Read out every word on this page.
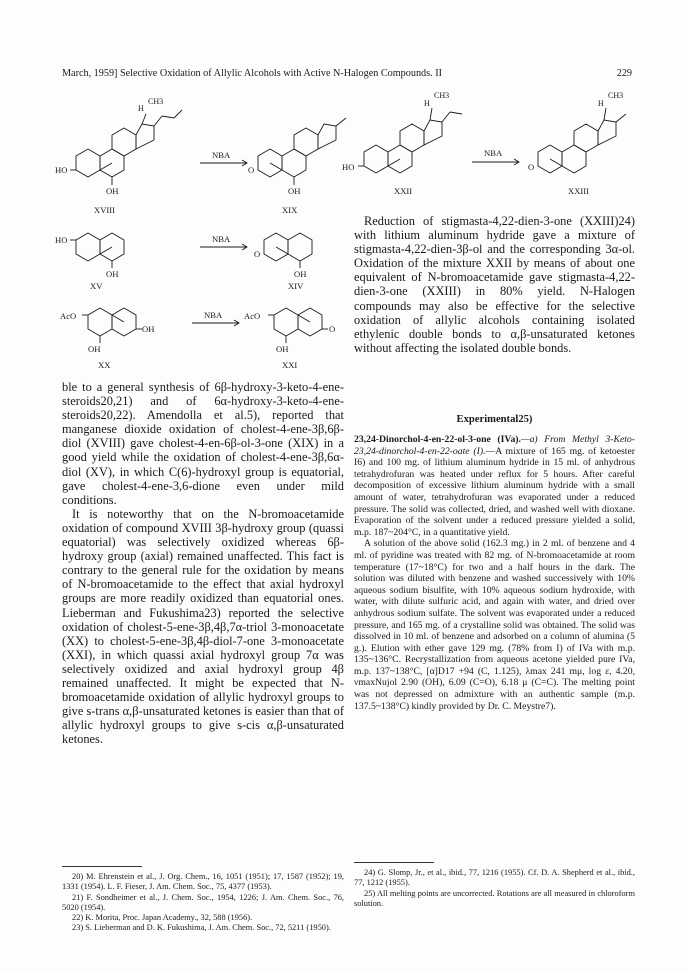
March, 1959] Selective Oxidation of Allylic Alcohols with Active N-Halogen Compounds. II	229
H
CH3
HO
OH
XVIII
NBA
O
OH
XIX
HO
OH
XV
NBA
O
OH
XIV
AcO
OH
OH
XX
NBA	AcO
OH
O
XXI
H
CH3
HO
XXII
NBA
H
CH3
O
XXIII

ble to a general synthesis of 6β-hydroxy-3-keto-4-ene-steroids20,21) and of 6α-hydroxy-3-keto-4-ene-steroids20,22). Amendolla et al.5), reported that manganese dioxide oxidation of cholest-4-ene-3β,6β-diol (XVIII) gave cholest-4-en-6β-ol-3-one (XIX) in a good yield while the oxidation of cholest-4-ene-3β,6α-diol (XV), in which C(6)-hydroxyl group is equatorial, gave cholest-4-ene-3,6-dione even under mild conditions.

It is noteworthy that on the N-bromoacetamide oxidation of compound XVIII 3β-hydroxy group (quassi equatorial) was selectively oxidized whereas 6β-hydroxy group (axial) remained unaffected. This fact is contrary to the general rule for the oxidation by means of N-bromoacetamide to the effect that axial hydroxyl groups are more readily oxidized than equatorial ones. Lieberman and Fukushima23) reported the selective oxidation of cholest-5-ene-3β,4β,7α-triol 3-monoacetate (XX) to cholest-5-ene-3β,4β-diol-7-one 3-monoacetate (XXI), in which quassi axial hydroxyl group 7α was selectively oxidized and axial hydroxyl group 4β remained unaffected. It might be expected that N-bromoacetamide oxidation of allylic hydroxyl groups to give s-trans α,β-unsaturated ketones is easier than that of allylic hydroxyl groups to give s-cis α,β-unsaturated ketones.

20) M. Ehrenstein et al., J. Org. Chem., 16, 1051 (1951); 17, 1587 (1952); 19, 1331 (1954). L. F. Fieser, J. Am. Chem. Soc., 75, 4377 (1953).

21) F. Sondheimer et al., J. Chem. Soc., 1954, 1226; J. Am. Chem. Soc., 76, 5020 (1954).

22) K. Morita, Proc. Japan Academy., 32, 588 (1956).

23) S. Lieberman and D. K. Fukushima, J. Am. Chem. Soc., 72, 5211 (1950).

Reduction of stigmasta-4,22-dien-3-one (XXIII)24) with lithium aluminum hydride gave a mixture of stigmasta-4,22-dien-3β-ol and the corresponding 3α-ol. Oxidation of the mixture XXII by means of about one equivalent of N-bromoacetamide gave stigmasta-4,22-dien-3-one (XXIII) in 80% yield. N-Halogen compounds may also be effective for the selective oxidation of allylic alcohols containing isolated ethylenic double bonds to α,β-unsaturated ketones without affecting the isolated double bonds.

Experimental25)

23,24-Dinorchol-4-en-22-ol-3-one (IVa).—a) From Methyl 3-Keto-23,24-dinorchol-4-en-22-oate (I).—A mixture of 165 mg. of ketoester I6) and 100 mg. of lithium aluminum hydride in 15 ml. of anhydrous tetrahydrofuran was heated under reflux for 5 hours. After careful decomposition of excessive lithium aluminum hydride with a small amount of water, tetrahydrofuran was evaporated under a reduced pressure. The solid was collected, dried, and washed well with dioxane. Evaporation of the solvent under a reduced pressure yielded a solid, m.p. 187~204°C, in a quantitative yield.

A solution of the above solid (162.3 mg.) in 2 ml. of benzene and 4 ml. of pyridine was treated with 82 mg. of N-bromoacetamide at room temperature (17~18°C) for two and a half hours in the dark. The solution was diluted with benzene and washed successively with 10% aqueous sodium bisulfite, with 10% aqueous sodium hydroxide, with water, with dilute sulfuric acid, and again with water, and dried over anhydrous sodium sulfate. The solvent was evaporated under a reduced pressure, and 165 mg. of a crystalline solid was obtained. The solid was dissolved in 10 ml. of benzene and adsorbed on a column of alumina (5 g.). Elution with ether gave 129 mg. (78% from I) of IVa with m.p. 135~136°C. Recrystallization from aqueous acetone yielded pure IVa, m.p. 137~138°C, [α]D17 +94 (C, 1.125), λmax 241 mμ, log ε, 4.20, νmaxNujol 2.90 (OH), 6.09 (C=O), 6.18 μ (C=C). The melting point was not depressed on admixture with an authentic sample (m.p. 137.5~138°C) kindly provided by Dr. C. Meystre7).

24) G. Slomp, Jr., et al., ibid., 77, 1216 (1955). Cf. D. A. Shepherd et al., ibid., 77, 1212 (1955).

25) All melting points are uncorrected. Rotations are all measured in chloroform solution.
